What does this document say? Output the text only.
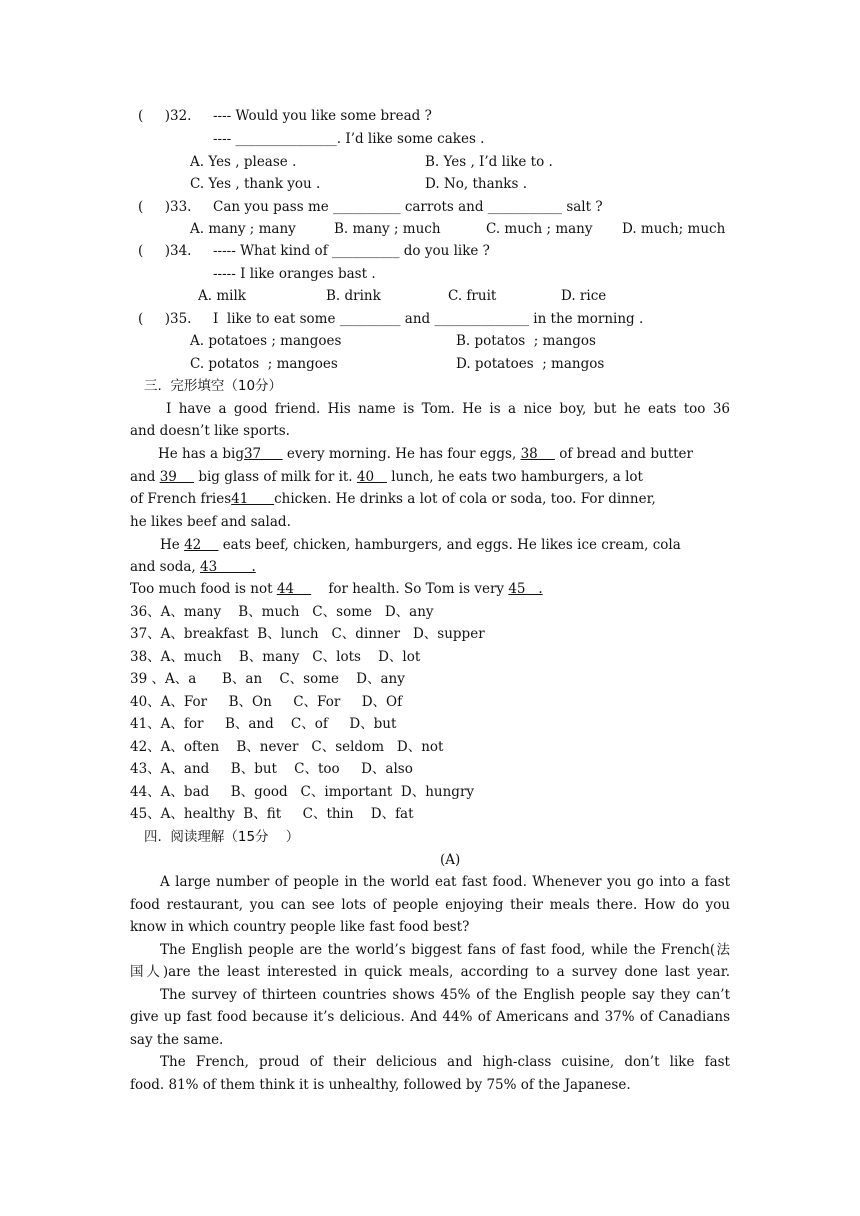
(     )32. ---- Would you like some bread ?
---- _______________. I’d like some cakes .
A. Yes , please .	B. Yes , I’d like to .
C. Yes , thank you .	D. No, thanks .
(     )33. Can you pass me __________ carrots and ___________ salt ?
A. many ; many	B. many ; much	C. much ; many D. much; much
(     )34. ----- What kind of __________ do you like ?
----- I like oranges bast .
A. milk	B. drink	C. fruit	D. rice
(     )35. I  like to eat some _________ and ______________ in the morning .
A. potatoes ; mangoes	B. potatos  ; mangos
C. potatos  ; mangoes	D. potatoes  ; mangos
三.  完形填空（10分）
I have a good friend. His name is Tom. He is a nice boy, but he eats too 36
and doesn’t like sports.
He has a big37      every morning. He has four eggs, 38     of bread and butter
and 39     big glass of milk for it. 40    lunch, he eats two hamburgers, a lot
of French fries41      chicken. He drinks a lot of cola or soda, too. For dinner,
he likes beef and salad.
He 42     eats beef, chicken, hamburgers, and eggs. He likes ice cream, cola
and soda, 43        .
Too much food is not 44        for health. So Tom is very 45   .
36、A、many    B、much   C、some   D、any
37、A、breakfast  B、lunch   C、dinner   D、supper
38、A、much    B、many   C、lots    D、lot
39 、A、a      B、an    C、some    D、any
40、A、For     B、On     C、For     D、Of
41、A、for     B、and    C、of     D、but
42、A、often    B、never   C、seldom   D、not
43、A、and     B、but    C、too     D、also
44、A、bad     B、good   C、important  D、hungry
45、A、healthy  B、fit     C、thin    D、fat
四.  阅读理解（15分    ）
(A)
A large number of people in the world eat fast food. Whenever you go into a fast
food restaurant, you can see lots of people enjoying their meals there. How do you
know in which country people like fast food best?
The English people are the world’s biggest fans of fast food, while the French(法
国人)are the least interested in quick meals, according to a survey done last year.
The survey of thirteen countries shows 45% of the English people say they can’t
give up fast food because it’s delicious. And 44% of Americans and 37% of Canadians
say the same.
The French, proud of their delicious and high-class cuisine, don’t like fast
food. 81% of them think it is unhealthy, followed by 75% of the Japanese.
